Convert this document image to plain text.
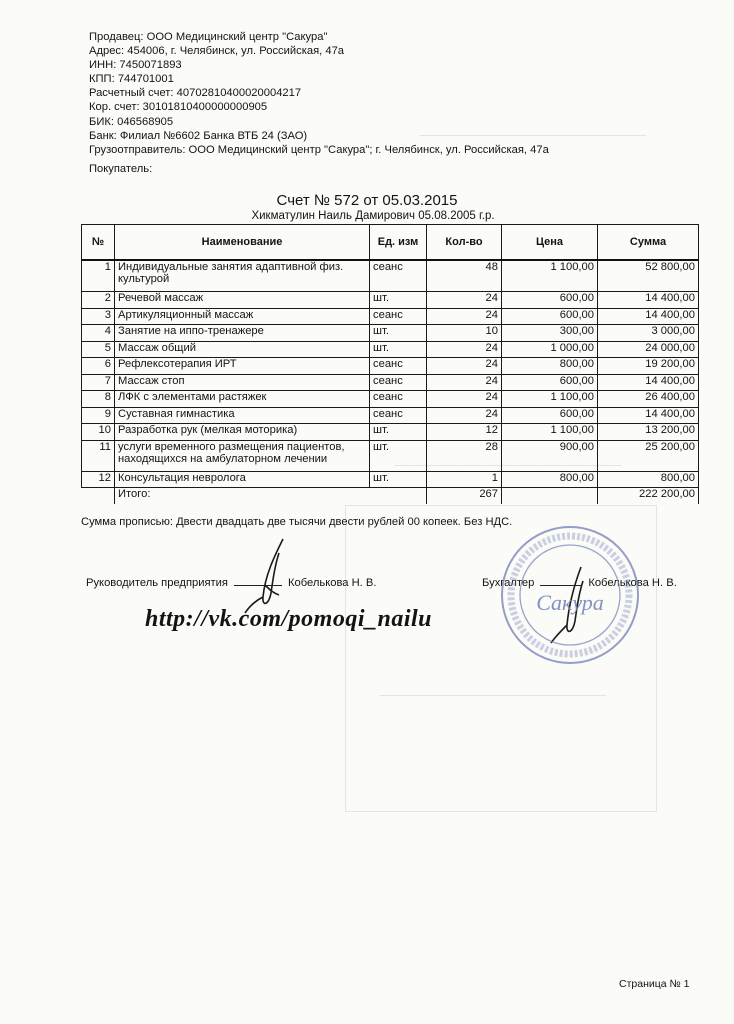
─────────────────────────────
─────────────────────────────
─────────────────────────────
Продавец: ООО Медицинский центр "Сакура"
Адрес: 454006, г. Челябинск, ул. Российская, 47а
ИНН: 7450071893
КПП: 744701001
Расчетный счет: 40702810400020004217
Кор. счет: 30101810400000000905
БИК: 046568905
Банк: Филиал №6602 Банка ВТБ 24 (ЗАО)
Грузоотправитель: ООО Медицинский центр "Сакура"; г. Челябинск, ул. Российская, 47а
Покупатель:
Счет № 572 от 05.03.2015
Хикматулин Наиль Дамирович 05.08.2005 г.р.
№	Наименование	Ед. изм	Кол-во	Цена	Сумма
1	Индивидуальные занятия адаптивной физ. культурой	сеанс	48	1 100,00	52 800,00
2	Речевой массаж	шт.	24	600,00	14 400,00
3	Артикуляционный массаж	сеанс	24	600,00	14 400,00
4	Занятие на иппо-тренажере	шт.	10	300,00	3 000,00
5	Массаж общий	шт.	24	1 000,00	24 000,00
6	Рефлексотерапия ИРТ	сеанс	24	800,00	19 200,00
7	Массаж стоп	сеанс	24	600,00	14 400,00
8	ЛФК с элементами растяжек	сеанс	24	1 100,00	26 400,00
9	Суставная гимнастика	сеанс	24	600,00	14 400,00
10	Разработка рук (мелкая моторика)	шт.	12	1 100,00	13 200,00
11	услуги временного размещения пациентов, находящихся на амбулаторном лечении	шт.	28	900,00	25 200,00
12	Консультация невролога	шт.	1	800,00	800,00
	Итого:		267		222 200,00
Сумма прописью: Двести двадцать две тысячи двести рублей 00 копеек. Без НДС.
Руководитель предприятия	Кобелькова Н. В.	Бухгалтер	Кобелькова Н. В.
Сакура
http://vk.com/pomoqi_nailu
Страница № 1
